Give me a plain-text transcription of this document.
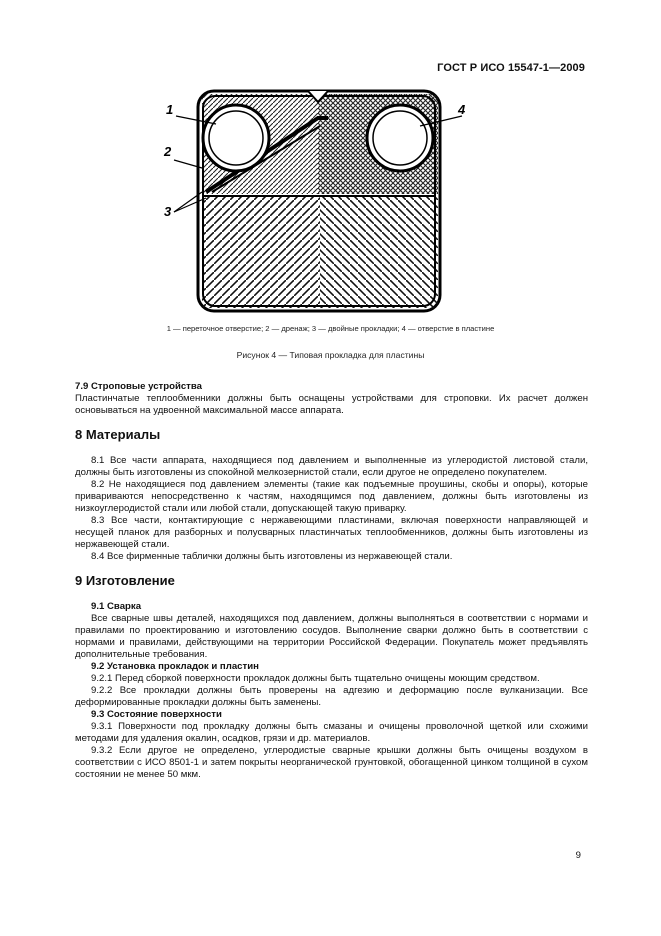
ГОСТ Р ИСО 15547-1—2009
1
2
3
4
1 — переточное отверстие; 2 — дренаж; 3 — двойные прокладки; 4 — отверстие в пластине
Рисунок 4 — Типовая прокладка для пластины

7.9 Строповые устройства

Пластинчатые теплообменники должны быть оснащены устройствами для строповки. Их расчет должен основываться на удвоенной максимальной массе аппарата.

8 Материалы

8.1 Все части аппарата, находящиеся под давлением и выполненные из углеродистой листовой стали, должны быть изготовлены из спокойной мелкозернистой стали, если другое не определено покупателем.

8.2 Не находящиеся под давлением элементы (такие как подъемные проушины, скобы и опоры), которые привариваются непосредственно к частям, находящимся под давлением, должны быть изготовлены из низкоуглеродистой стали или любой стали, допускающей такую приварку.

8.3 Все части, контактирующие с нержавеющими пластинами, включая поверхности направляющей и несущей планок для разборных и полусварных пластинчатых теплообменников, должны быть изготовлены из нержавеющей стали.

8.4 Все фирменные таблички должны быть изготовлены из нержавеющей стали.

9 Изготовление

9.1 Сварка

Все сварные швы деталей, находящихся под давлением, должны выполняться в соответствии с нормами и правилами по проектированию и изготовлению сосудов. Выполнение сварки должно быть в соответствии с нормами и правилами, действующими на территории Российской Федерации. Покупатель может предъявлять дополнительные требования.

9.2 Установка прокладок и пластин

9.2.1 Перед сборкой поверхности прокладок должны быть тщательно очищены моющим средством.

9.2.2 Все прокладки должны быть проверены на адгезию и деформацию после вулканизации. Все деформированные прокладки должны быть заменены.

9.3 Состояние поверхности

9.3.1 Поверхности под прокладку должны быть смазаны и очищены проволочной щеткой или схожими методами для удаления окалин, осадков, грязи и др. материалов.

9.3.2 Если другое не определено, углеродистые сварные крышки должны быть очищены воздухом в соответствии с ИСО 8501-1 и затем покрыты неорганической грунтовкой, обогащенной цинком толщиной в сухом состоянии не менее 50 мкм.

9
